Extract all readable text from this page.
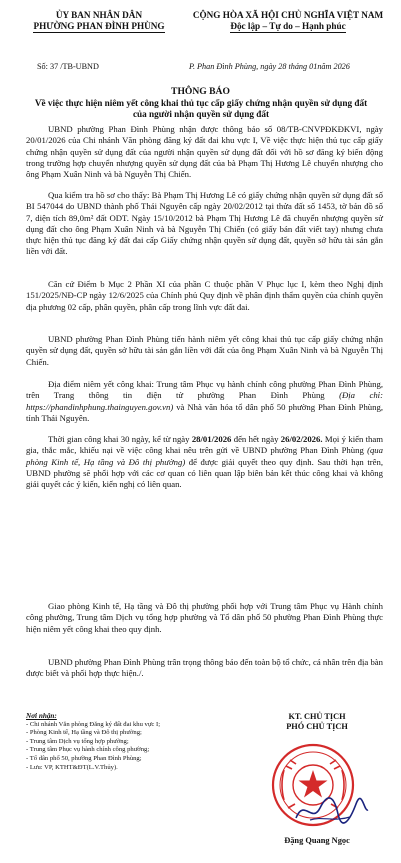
ỦY BAN NHÂN DÂN
PHƯỜNG PHAN ĐÌNH PHÙNG
CỘNG HÒA XÃ HỘI CHỦ NGHĨA VIỆT NAM
Độc lập – Tự do – Hạnh phúc
Số: 37 /TB-UBND	P. Phan Đình Phùng, ngày 28 tháng 01năm 2026
THÔNG BÁO
Về việc thực hiện niêm yết công khai thủ tục cấp giấy chứng nhận quyền sử dụng đất của người nhận quyền sử dụng đất
UBND phường Phan Đình Phùng nhận được thông báo số 08/TB-CNVPĐKĐKVI, ngày 20/01/2026 của Chi nhánh Văn phòng đăng ký đất đai khu vực I, Về việc thực hiện thủ tục cấp giấy chứng nhận quyền sử dụng đất của người nhận quyền sử dụng đất đối với hồ sơ đăng ký biến động trong trường hợp chuyển nhượng quyền sử dụng đất của bà Phạm Thị Hương Lê chuyển nhượng cho ông Phạm Xuân Ninh và bà Nguyễn Thị Chiến.
Qua kiểm tra hồ sơ cho thấy: Bà Phạm Thị Hương Lê có giấy chứng nhận quyền sử dụng đất số BI 547044 do UBND thành phố Thái Nguyên cấp ngày 20/02/2012 tại thửa đất số 1453, tờ bản đồ số 7, diện tích 89,0m² đất ODT. Ngày 15/10/2012 bà Phạm Thị Hương Lê đã chuyển nhượng quyền sử dụng đất cho ông Phạm Xuân Ninh và bà Nguyễn Thị Chiến (có giấy bán đất viết tay) nhưng chưa thực hiện thủ tục đăng ký đất đai cấp Giấy chứng nhận quyền sử dụng đất, quyền sở hữu tài sản gắn liền với đất.
Căn cứ Điểm b Mục 2 Phần XI của phần C thuộc phần V Phục lục I, kèm theo Nghị định 151/2025/NĐ-CP ngày 12/6/2025 của Chính phủ Quy định về phân định thẩm quyền của chính quyền địa phương 02 cấp, phân quyền, phân cấp trong lĩnh vực đất đai.
UBND phường Phan Đình Phùng tiến hành niêm yết công khai thủ tục cấp giấy chứng nhận quyền sử dụng đất, quyền sở hữu tài sản gắn liền với đất của ông Phạm Xuân Ninh và bà Nguyễn Thị Chiến.
Địa điểm niêm yết công khai: Trung tâm Phục vụ hành chính công phường Phan Đình Phùng, trên Trang thông tin điện tử phường Phan Đình Phùng (Địa chỉ: https://phandinhphung.thainguyen.gov.vn) và Nhà văn hóa tổ dân phố 50 phường Phan Đình Phùng, tỉnh Thái Nguyên.
Thời gian công khai 30 ngày, kể từ ngày 28/01/2026 đến hết ngày 26/02/2026. Mọi ý kiến tham gia, thắc mắc, khiếu nại về việc công khai nêu trên gửi về UBND phường Phan Đình Phùng (qua phòng Kinh tế, Hạ tầng và Đô thị phường) để được giải quyết theo quy định. Sau thời hạn trên, UBND phường sẽ phối hợp với các cơ quan có liên quan lập biên bản kết thúc công khai và không giải quyết các ý kiến, kiến nghị có liên quan.
Giao phòng Kinh tế, Hạ tầng và Đô thị phường phối hợp với Trung tâm Phục vụ Hành chính công phường, Trung tâm Dịch vụ tổng hợp phường và Tổ dân phố 50 phường Phan Đình Phùng thực hiện niêm yết công khai theo quy định.
UBND phường Phan Đình Phùng trân trọng thông báo đến toàn bộ tổ chức, cá nhân trên địa bàn được biết và phối hợp thực hiện./.
Nơi nhận:
- Chi nhánh Văn phòng Đăng ký đất đai khu vực I;
- Phòng Kinh tế, Hạ tầng và Đô thị phường;
- Trung tâm Dịch vụ tổng hợp phường;
- Trung tâm Phục vụ hành chính công phường;
- Tổ dân phố 50, phường Phan Đình Phùng;
- Lưu: VP, KTHT&ĐT(L.V.Thủy).
KT. CHỦ TỊCH
PHÓ CHỦ TỊCH
Đặng Quang Ngọc
